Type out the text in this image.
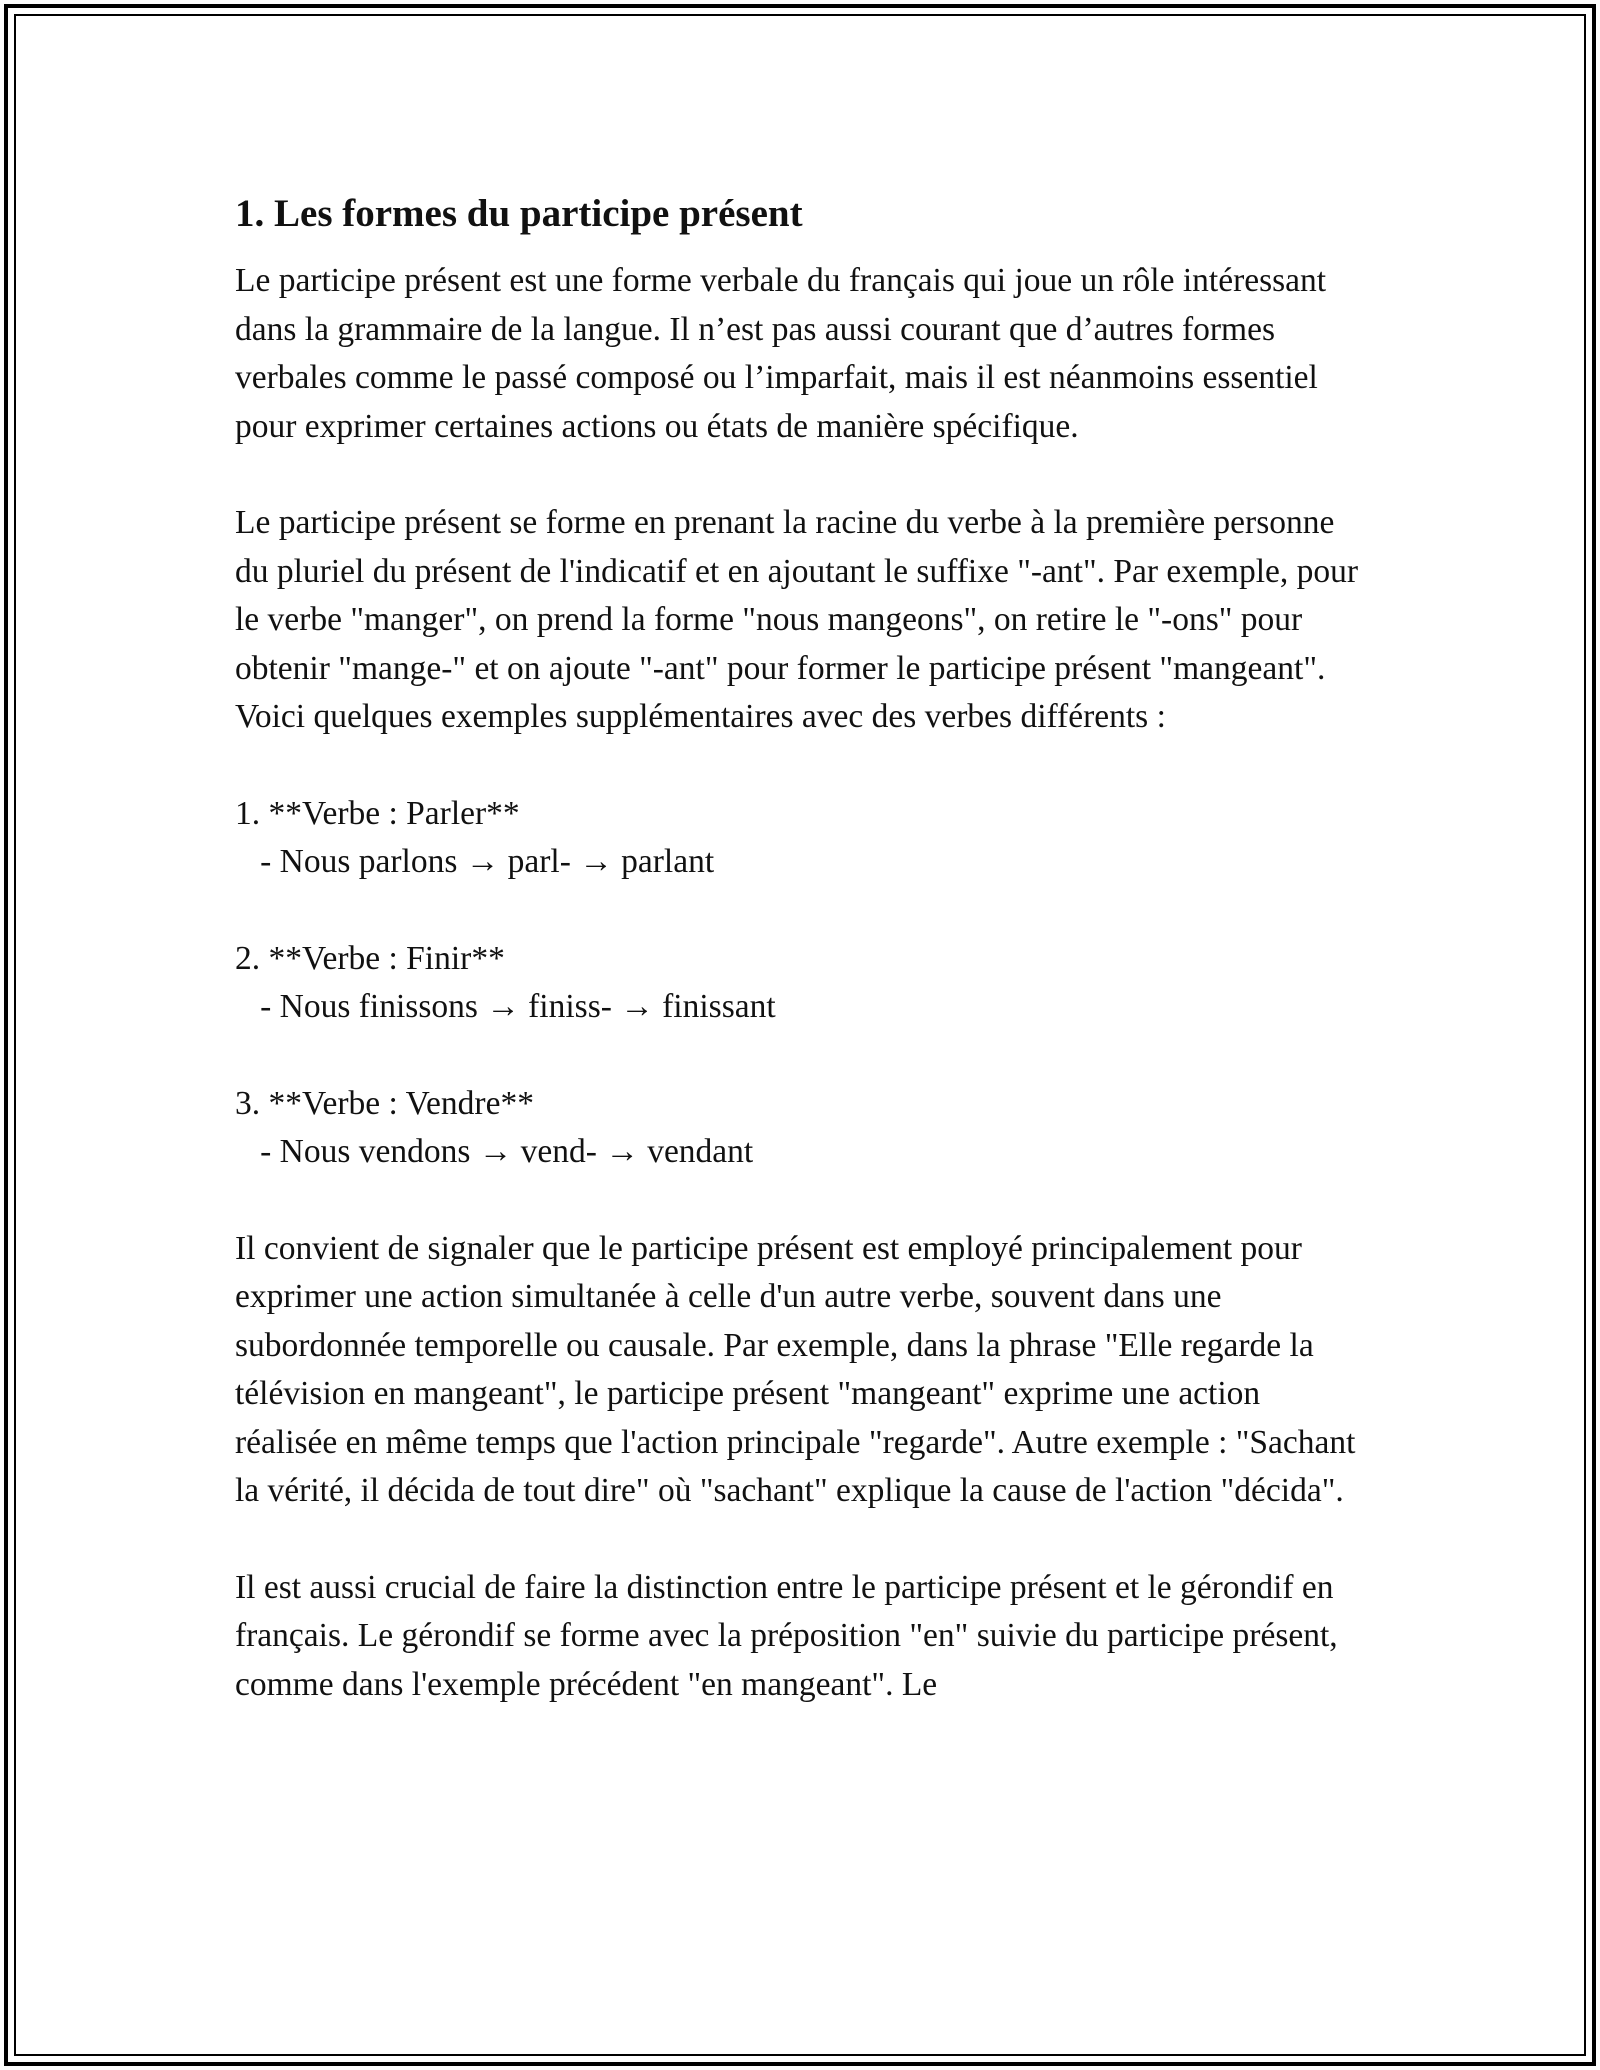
1. Les formes du participe présent

Le participe présent est une forme verbale du français qui joue un rôle intéressant dans la grammaire de la langue. Il n’est pas aussi courant que d’autres formes verbales comme le passé composé ou l’imparfait, mais il est néanmoins essentiel pour exprimer certaines actions ou états de manière spécifique.

Le participe présent se forme en prenant la racine du verbe à la première personne du pluriel du présent de l'indicatif et en ajoutant le suffixe "-ant". Par exemple, pour le verbe "manger", on prend la forme "nous mangeons", on retire le "-ons" pour obtenir "mange-" et on ajoute "-ant" pour former le participe présent "mangeant". Voici quelques exemples supplémentaires avec des verbes différents :

1. **Verbe : Parler**
- Nous parlons → parl- → parlant
2. **Verbe : Finir**
- Nous finissons → finiss- → finissant
3. **Verbe : Vendre**
- Nous vendons → vend- → vendant

Il convient de signaler que le participe présent est employé principalement pour exprimer une action simultanée à celle d'un autre verbe, souvent dans une subordonnée temporelle ou causale. Par exemple, dans la phrase "Elle regarde la télévision en mangeant", le participe présent "mangeant" exprime une action réalisée en même temps que l'action principale "regarde". Autre exemple : "Sachant la vérité, il décida de tout dire" où "sachant" explique la cause de l'action "décida".

Il est aussi crucial de faire la distinction entre le participe présent et le gérondif en français. Le gérondif se forme avec la préposition "en" suivie du participe présent, comme dans l'exemple précédent "en mangeant". Le
